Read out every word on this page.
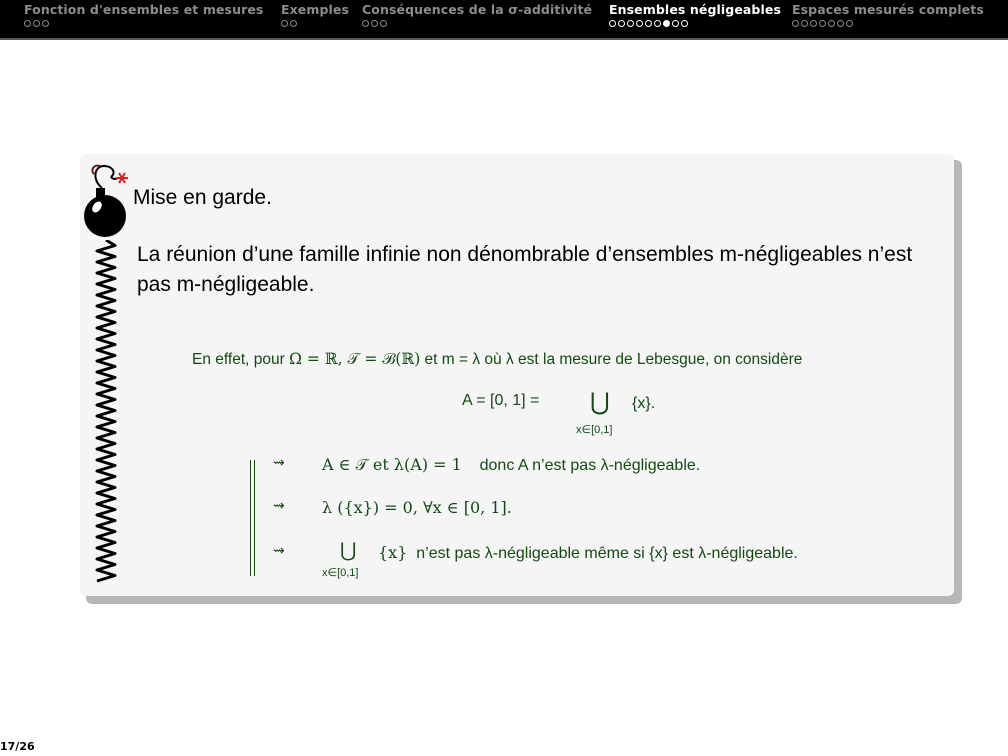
Fonction d'ensembles et mesures Exemples Conséquences de la σ-additivité Ensembles négligeables Espaces mesurés complets
Mise en garde.
La réunion d’une famille infinie non dénombrable d’ensembles m-négligeables n’est pas m-négligeable.
En effet, pour Ω = ℝ, 𝒯 = ℬ(ℝ) et m = λ où λ est la mesure de Lebesgue, on considère
A = [0, 1] = ⋃
x∈[0,1]
{x}.
⇝ A ∈ 𝒯 et λ(A) = 1 donc A n’est pas λ-négligeable.
⇝ λ ({x}) = 0, ∀x ∈ [0, 1].
⇝	⋃
x∈[0,1]
{x} n’est pas λ-négligeable même si {x} est λ-négligeable.
17/26
